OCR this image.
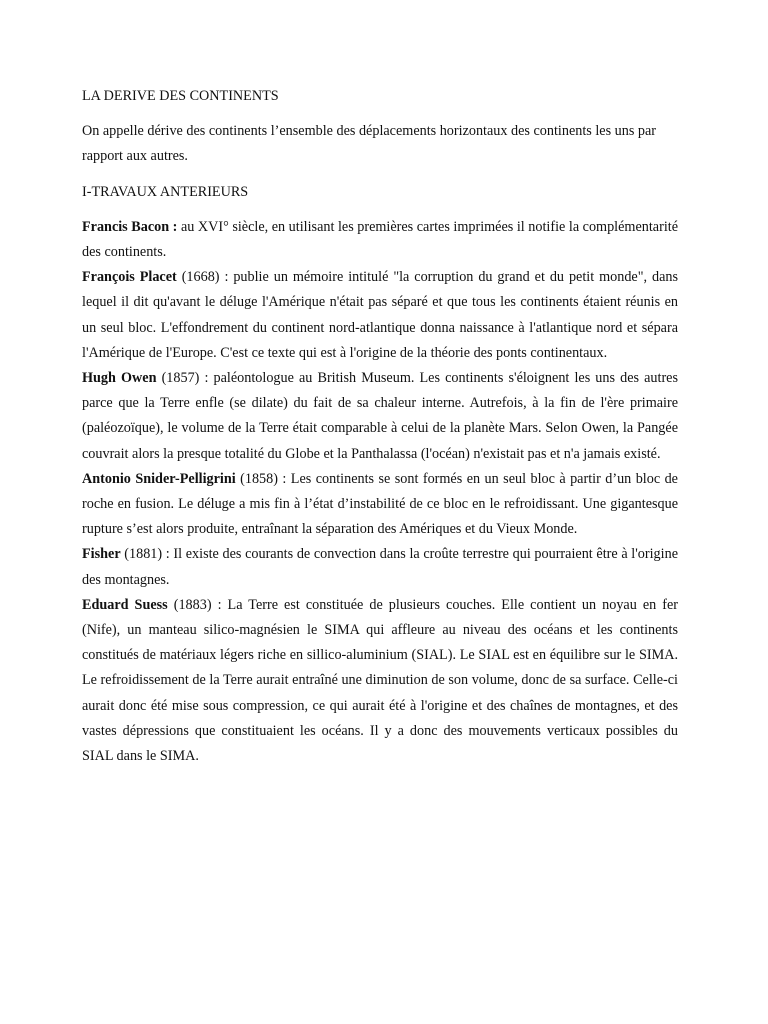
LA DERIVE DES CONTINENTS

On appelle dérive des continents l’ensemble des déplacements horizontaux des continents les uns par rapport aux autres.

I-TRAVAUX ANTERIEURS

Francis Bacon : au XVI° siècle, en utilisant les premières cartes imprimées il notifie la complémentarité des continents.

François Placet (1668) : publie un mémoire intitulé "la corruption du grand et du petit monde", dans lequel il dit qu'avant le déluge l'Amérique n'était pas séparé et que tous les continents étaient réunis en un seul bloc. L'effondrement du continent nord-atlantique donna naissance à l'atlantique nord et sépara l'Amérique de l'Europe. C'est ce texte qui est à l'origine de la théorie des ponts continentaux.

Hugh Owen (1857) : paléontologue au British Museum. Les continents s'éloignent les uns des autres parce que la Terre enfle (se dilate) du fait de sa chaleur interne. Autrefois, à la fin de l'ère primaire (paléozoïque), le volume de la Terre était comparable à celui de la planète Mars. Selon Owen, la Pangée couvrait alors la presque totalité du Globe et la Panthalassa (l'océan) n'existait pas et n'a jamais existé.

Antonio Snider-Pelligrini (1858) : Les continents se sont formés en un seul bloc à partir d’un bloc de roche en fusion. Le déluge a mis fin à l’état d’instabilité de ce bloc en le refroidissant. Une gigantesque rupture s’est alors produite, entraînant la séparation des Amériques et du Vieux Monde.

Fisher (1881) : Il existe des courants de convection dans la croûte terrestre qui pourraient être à l'origine des montagnes.

Eduard Suess (1883) : La Terre est constituée de plusieurs couches. Elle contient un noyau en fer (Nife), un manteau silico-magnésien le SIMA qui affleure au niveau des océans et les continents constitués de matériaux légers riche en sillico-aluminium (SIAL). Le SIAL est en équilibre sur le SIMA. Le refroidissement de la Terre aurait entraîné une diminution de son volume, donc de sa surface. Celle-ci aurait donc été mise sous compression, ce qui aurait été à l'origine et des chaînes de montagnes, et des vastes dépressions que constituaient les océans. Il y a donc des mouvements verticaux possibles du SIAL dans le SIMA.
